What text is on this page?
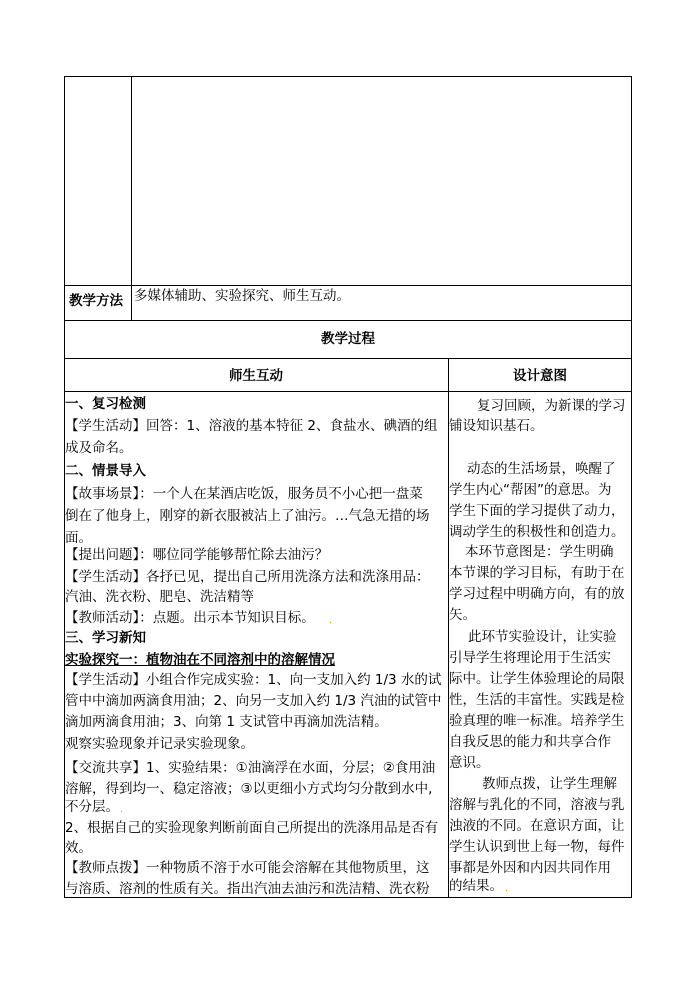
教学方法 多媒体辅助、实验探究、师生互动。
教学过程
师生互动	设计意图
一、复习检测
【学生活动】回答：1、溶液的基本特征 2、食盐水、碘酒的组
成及命名。
二、情景导入
【故事场景】：一个人在某酒店吃饭，服务员不小心把一盘菜
倒在了他身上，刚穿的新衣服被沾上了油污。…气急无措的场
面。
【提出问题】：哪位同学能够帮忙除去油污？
【学生活动】各抒已见，提出自己所用洗涤方法和洗涤用品：
汽油、洗衣粉、肥皂、洗洁精等
【教师活动】：点题。出示本节知识目标。 .
三、学习新知
实验探究一：植物油在不同溶剂中的溶解情况
【学生活动】小组合作完成实验：1、向一支加入约 1/3 水的试
管中中滴加两滴食用油；2、向另一支加入约 1/3 汽油的试管中
滴加两滴食用油；3、向第 1 支试管中再滴加洗洁精。
观察实验现象并记录实验现象。
【交流共享】1、实验结果：①油滴浮在水面，分层；②食用油
溶解，得到均一、稳定溶液；③以更细小方式均匀分散到水中,
不分层。 .
2、根据自己的实验现象判断前面自己所提出的洗涤用品是否有
效。
【教师点拨】一种物质不溶于水可能会溶解在其他物质里，这
与溶质、溶剂的性质有关。指出汽油去油污和洗洁精、洗衣粉
复习回顾，为新课的学习
铺设知识基石。
动态的生活场景，唤醒了
学生内心“帮困”的意思。为
学生下面的学习提供了动力，
调动学生的积极性和创造力。
本环节意图是：学生明确
本节课的学习目标，有助于在
学习过程中明确方向，有的放
矢。
此环节实验设计，让实验
引导学生将理论用于生活实
际中。让学生体验理论的局限
性，生活的丰富性。实践是检
验真理的唯一标准。培养学生
自我反思的能力和共享合作
意识。
教师点拨，让学生理解
溶解与乳化的不同，溶液与乳
浊液的不同。在意识方面，让
学生认识到世上每一物，每件
事都是外因和内因共同作用
的结果。 .
